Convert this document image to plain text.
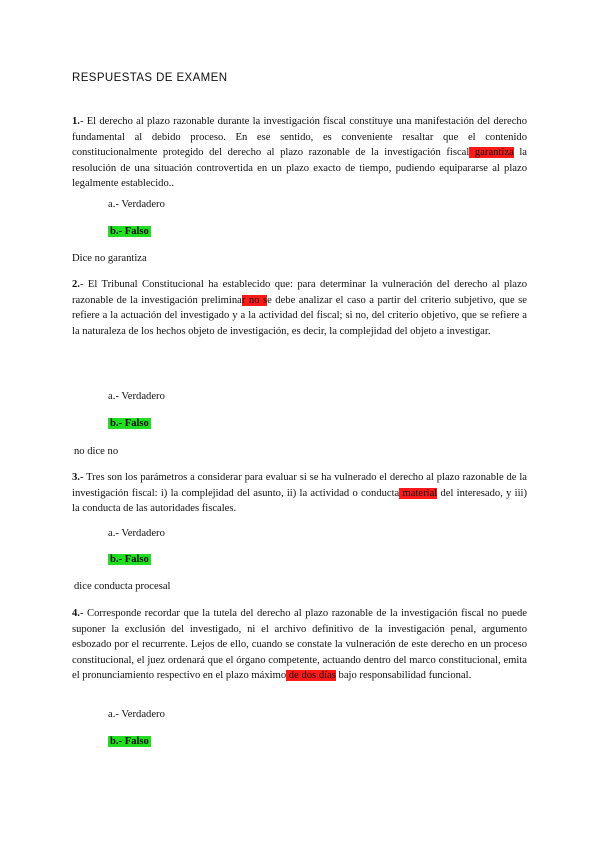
RESPUESTAS DE EXAMEN
1.- El derecho al plazo razonable durante la investigación fiscal constituye una manifestación del derecho fundamental al debido proceso. En ese sentido, es conveniente resaltar que el contenido constitucionalmente protegido del derecho al plazo razonable de la investigación fiscal garantiza la resolución de una situación controvertida en un plazo exacto de tiempo, pudiendo equipararse al plazo legalmente establecido..
a.- Verdadero
b.- Falso
Dice no garantiza
2.- El Tribunal Constitucional ha establecido que: para determinar la vulneración del derecho al plazo razonable de la investigación preliminar no se debe analizar el caso a partir del criterio subjetivo, que se refiere a la actuación del investigado y a la actividad del fiscal; si no, del criterio objetivo, que se refiere a la naturaleza de los hechos objeto de investigación, es decir, la complejidad del objeto a investigar.
a.- Verdadero
b.- Falso
no dice no
3.- Tres son los parámetros a considerar para evaluar si se ha vulnerado el derecho al plazo razonable de la investigación fiscal: i) la complejidad del asunto, ii) la actividad o conducta material del interesado, y iii) la conducta de las autoridades fiscales.
a.- Verdadero
b.- Falso
dice conducta procesal
4.- Corresponde recordar que la tutela del derecho al plazo razonable de la investigación fiscal no puede suponer la exclusión del investigado, ni el archivo definitivo de la investigación penal, argumento esbozado por el recurrente. Lejos de ello, cuando se constate la vulneración de este derecho en un proceso constitucional, el juez ordenará que el órgano competente, actuando dentro del marco constitucional, emita el pronunciamiento respectivo en el plazo máximo de dos días bajo responsabilidad funcional.
a.- Verdadero
b.- Falso
